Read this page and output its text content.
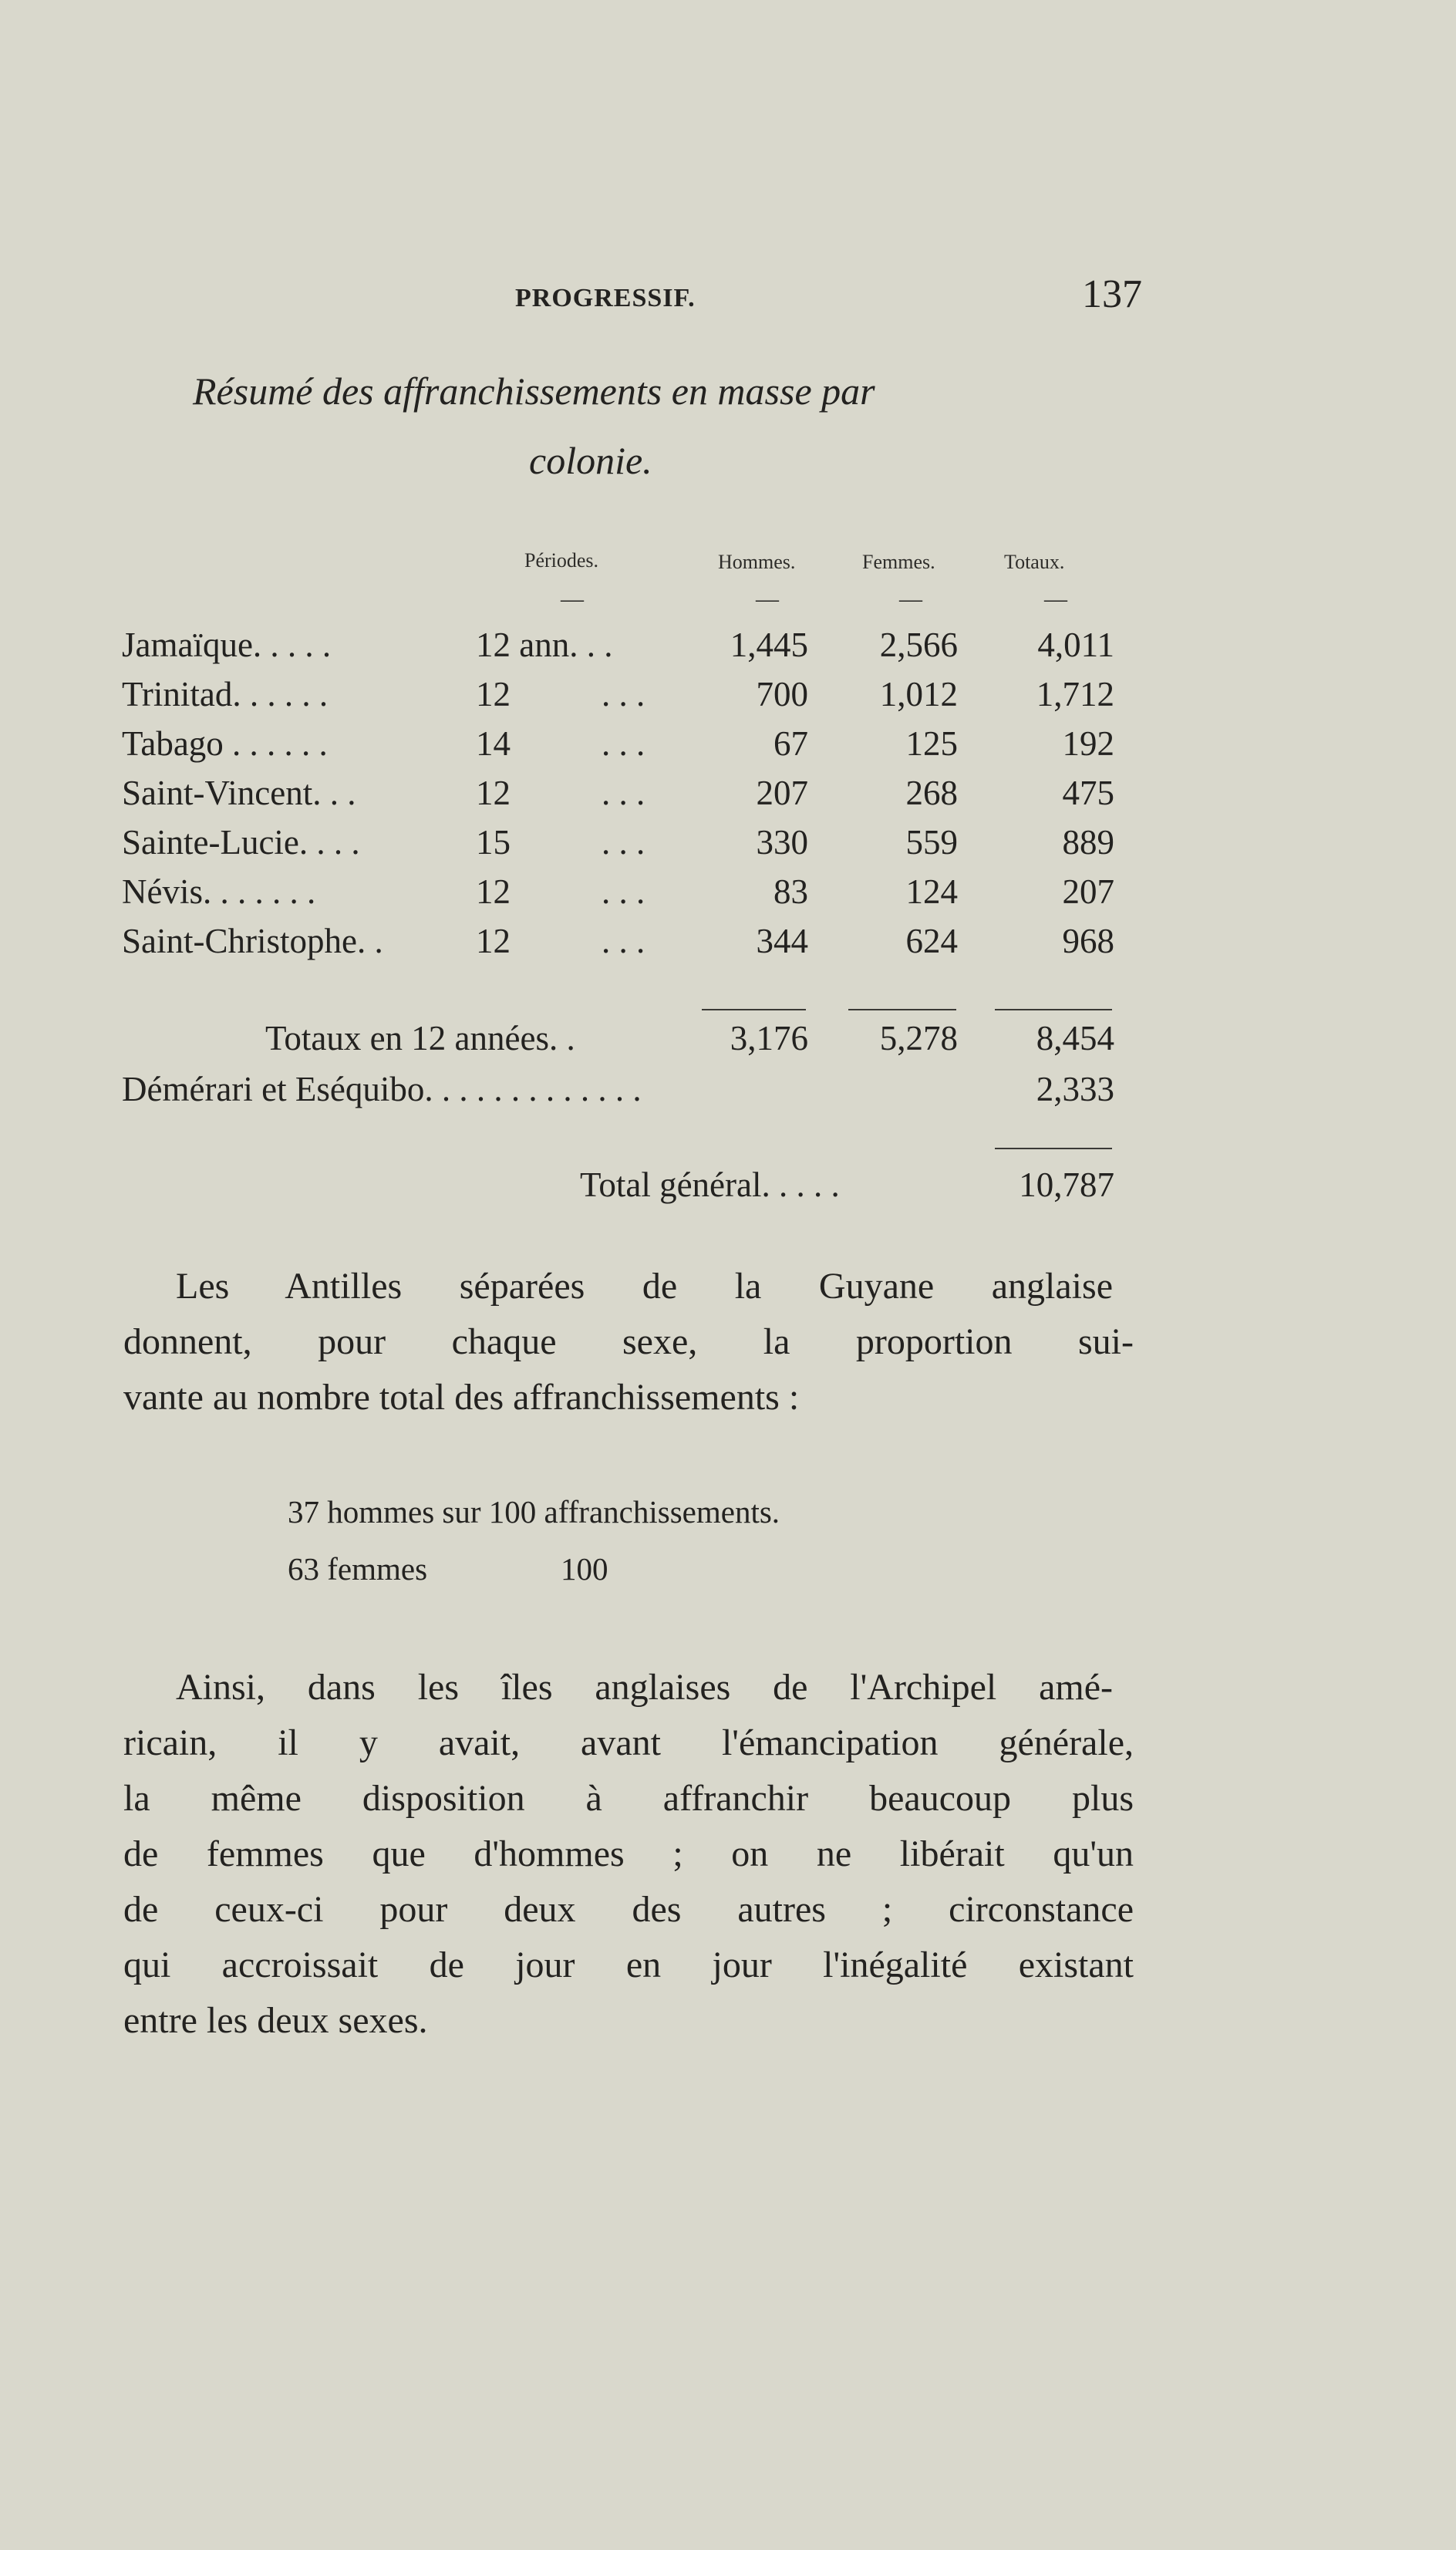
PROGRESSIF.	137
Résumé des affranchissements en masse par
colonie.
Périodes.	Hommes.	Femmes.	Totaux.
—	—	—	—
Jamaïque. . . . .	12 ann. . .	1,445	2,566	4,011
Trinitad. . . . . .	12	. . .	700	1,012	1,712
Tabago . . . . . .	14	. . .	67	125	192
Saint-Vincent. . .	12	. . .	207	268	475
Sainte-Lucie. . . .	15	. . .	330	559	889
Névis. . . . . . .	12	. . .	83	124	207
Saint-Christophe. .	12	. . .	344	624	968
Totaux en 12 années. .	3,176	5,278	8,454
Démérari et Eséquibo. . . . . . . . . . . . .	2,333
Total général. . . . .	10,787
Les Antilles séparées de la Guyane anglaise
donnent, pour chaque sexe, la proportion sui-
vante au nombre total des affranchissements :
37 hommes sur 100 affranchissements.
63 femmes	100
Ainsi, dans les îles anglaises de l'Archipel amé-
ricain, il y avait, avant l'émancipation générale,
la même disposition à affranchir beaucoup plus
de femmes que d'hommes ; on ne libérait qu'un
de ceux-ci pour deux des autres ; circonstance
qui accroissait de jour en jour l'inégalité existant
entre les deux sexes.
